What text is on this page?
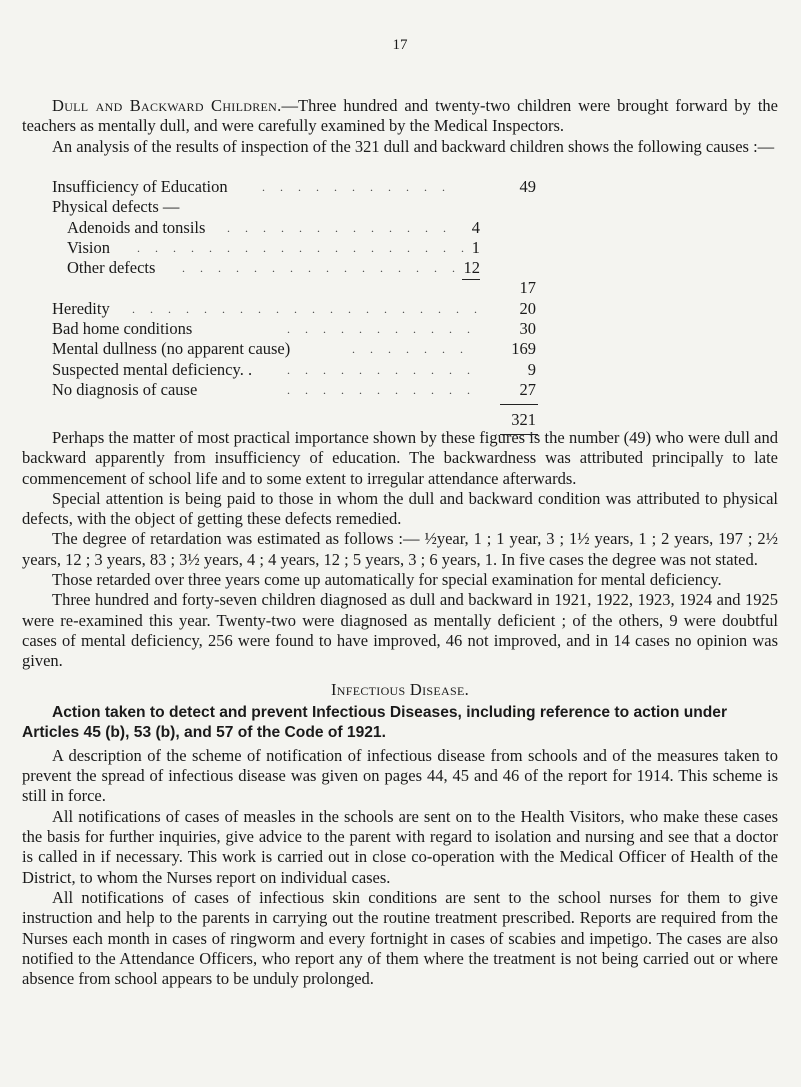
17

Dull and Backward Children.—Three hundred and twenty-two children were brought forward by the teachers as mentally dull, and were carefully examined by the Medical Inspectors.

An analysis of the results of inspection of the 321 dull and backward children shows the following causes :—

Insufficiency of Education	. . . . . . . . . . .	49
Physical defects —
Adenoids and tonsils . . . . . . . . . . . . .	4
Vision . . . . . . . . . . . . . . . . . . . 1
Other defects . . . . . . . . . . . . . . . . 12
17
Heredity . . . . . . . . . . . . . . . . . . . .	20
Bad home conditions	. . . . . . . . . . .	30
Mental dullness (no apparent cause)	. . . . . . .	169
Suspected mental deficiency. .	. . . . . . . . . . .	9
No diagnosis of cause	. . . . . . . . . . .	27
321

Perhaps the matter of most practical importance shown by these figures is the number (49) who were dull and backward apparently from insufficiency of education. The backwardness was attributed principally to late commencement of school life and to some extent to irregular attendance afterwards.

Special attention is being paid to those in whom the dull and backward condition was attributed to physical defects, with the object of getting these defects remedied.

The degree of retardation was estimated as follows :— ½year, 1 ; 1 year, 3 ; 1½ years, 1 ; 2 years, 197 ; 2½ years, 12 ; 3 years, 83 ; 3½ years, 4 ; 4 years, 12 ; 5 years, 3 ; 6 years, 1. In five cases the degree was not stated.

Those retarded over three years come up automatically for special examination for mental deficiency.

Three hundred and forty-seven children diagnosed as dull and backward in 1921, 1922, 1923, 1924 and 1925 were re-examined this year. Twenty-two were diagnosed as mentally deficient ; of the others, 9 were doubtful cases of mental deficiency, 256 were found to have improved, 46 not improved, and in 14 cases no opinion was given.

Infectious Disease.

Action taken to detect and prevent Infectious Diseases, including reference to action under Articles 45 (b), 53 (b), and 57 of the Code of 1921.

A description of the scheme of notification of infectious disease from schools and of the measures taken to prevent the spread of infectious disease was given on pages 44, 45 and 46 of the report for 1914. This scheme is still in force.

All notifications of cases of measles in the schools are sent on to the Health Visitors, who make these cases the basis for further inquiries, give advice to the parent with regard to isolation and nursing and see that a doctor is called in if necessary. This work is carried out in close co-operation with the Medical Officer of Health of the District, to whom the Nurses report on individual cases.

All notifications of cases of infectious skin conditions are sent to the school nurses for them to give instruction and help to the parents in carrying out the routine treatment prescribed. Reports are required from the Nurses each month in cases of ringworm and every fortnight in cases of scabies and impetigo. The cases are also notified to the Attendance Officers, who report any of them where the treatment is not being carried out or where absence from school appears to be unduly prolonged.
